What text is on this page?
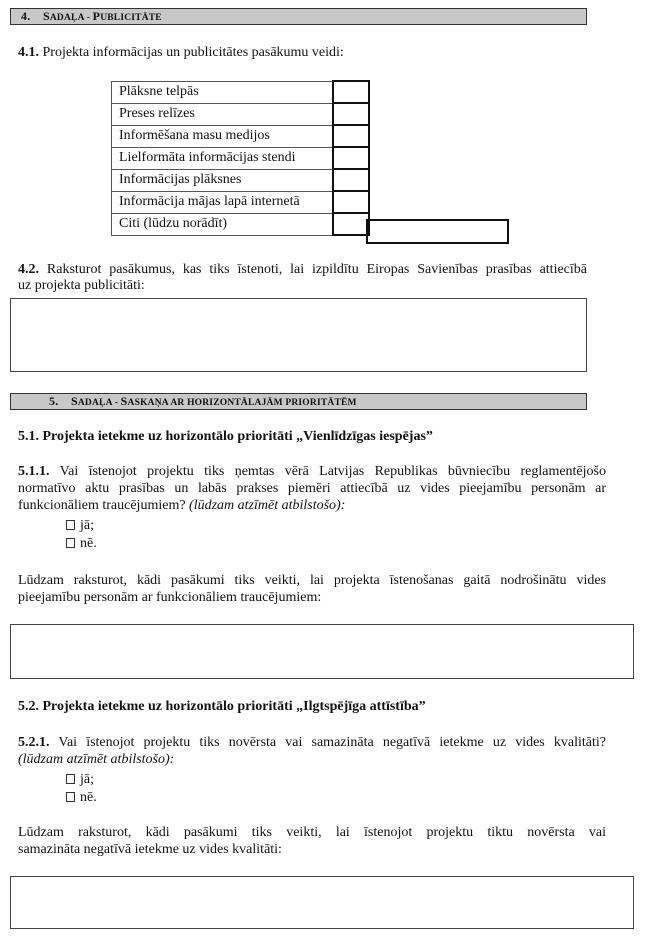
4. SADAĻA - PUBLICITĀTE
4.1. Projekta informācijas un publicitātes pasākumu veidi:
Plāksne telpās	
Preses relīzes	
Informēšana masu medijos	
Lielformāta informācijas stendi	
Informācijas plāksnes	
Informācija mājas lapā internetā	
Citi (lūdzu norādīt)	
4.2. Raksturot pasākumus, kas tiks īstenoti, lai izpildītu Eiropas Savienības prasības attiecībā
uz projekta publicitāti:
5. SADAĻA - SASKAŅA AR HORIZONTĀLAJĀM PRIORITĀTĒM
5.1. Projekta ietekme uz horizontālo prioritāti „Vienlīdzīgas iespējas”
5.1.1. Vai īstenojot projektu tiks ņemtas vērā Latvijas Republikas būvniecību reglamentējošo
normatīvo aktu prasības un labās prakses piemēri attiecībā uz vides pieejamību personām ar
funkcionāliem traucējumiem? (lūdzam atzīmēt atbilstošo):
jā;
nē.
Lūdzam raksturot, kādi pasākumi tiks veikti, lai projekta īstenošanas gaitā nodrošinātu vides
pieejamību personām ar funkcionāliem traucējumiem:
5.2. Projekta ietekme uz horizontālo prioritāti „Ilgtspējīga attīstība”
5.2.1. Vai īstenojot projektu tiks novērsta vai samazināta negatīvā ietekme uz vides kvalitāti?
(lūdzam atzīmēt atbilstošo):
jā;
nē.
Lūdzam raksturot, kādi pasākumi tiks veikti, lai īstenojot projektu tiktu novērsta vai
samazināta negatīvā ietekme uz vides kvalitāti:
